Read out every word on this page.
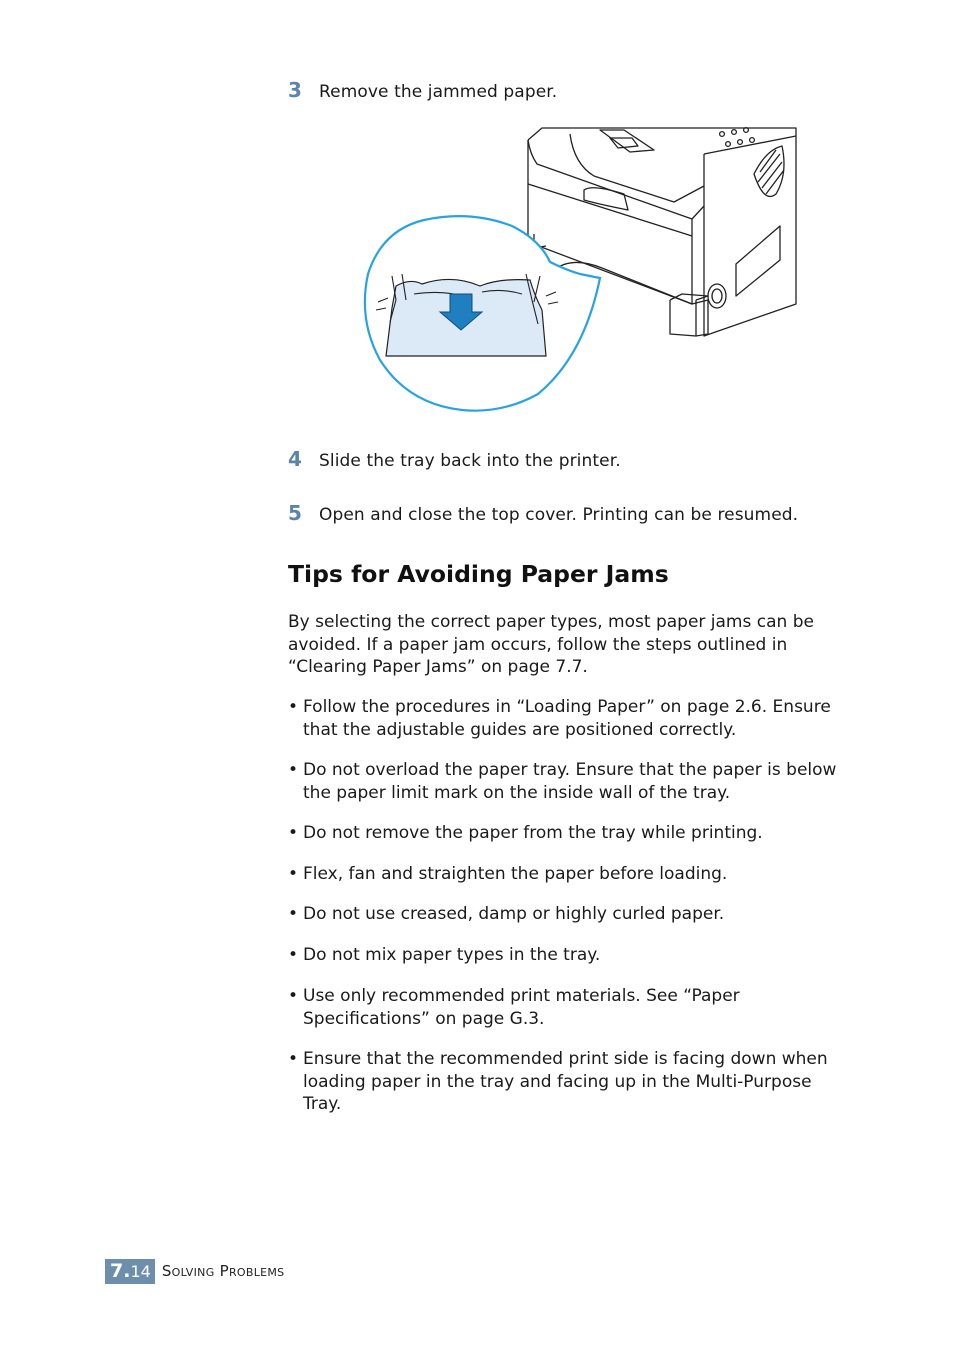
3	Remove the jammed paper.
4	Slide the tray back into the printer.
5	Open and close the top cover. Printing can be resumed.
Tips for Avoiding Paper Jams

By selecting the correct paper types, most paper jams can be avoided. If a paper jam occurs, follow the steps outlined in “Clearing Paper Jams” on page 7.7.

• Follow the procedures in “Loading Paper” on page 2.6. Ensure that the adjustable guides are positioned correctly.
• Do not overload the paper tray. Ensure that the paper is below the paper limit mark on the inside wall of the tray.
• Do not remove the paper from the tray while printing.
• Flex, fan and straighten the paper before loading.
• Do not use creased, damp or highly curled paper.
• Do not mix paper types in the tray.
• Use only recommended print materials. See “Paper Specifications” on page G.3.
• Ensure that the recommended print side is facing down when loading paper in the tray and facing up in the Multi-Purpose Tray.
7. 14 Solving Problems
